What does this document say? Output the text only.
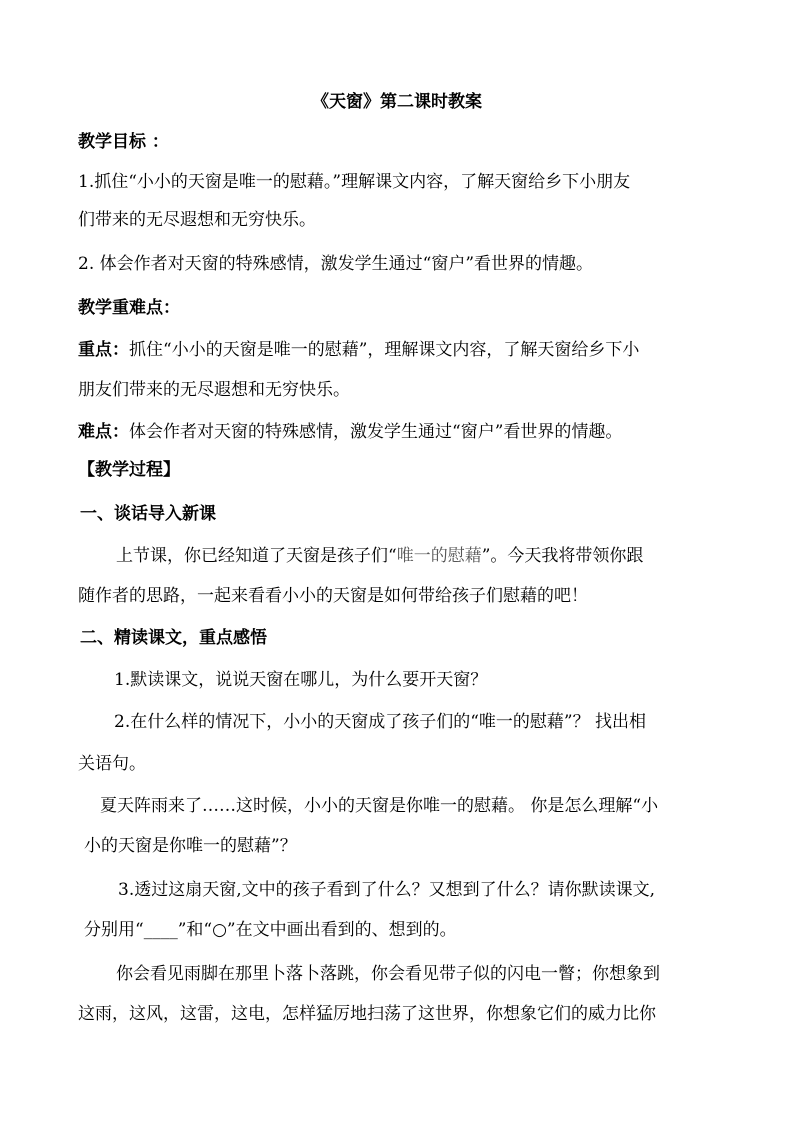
《天窗》第二课时教案
教学目标 ：
1.抓住“小小的天窗是唯一的慰藉。”理解课文内容，了解天窗给乡下小朋友
们带来的无尽遐想和无穷快乐。
2. 体会作者对天窗的特殊感情，激发学生通过“窗户”看世界的情趣。
教学重难点：
重点：抓住“小小的天窗是唯一的慰藉”，理解课文内容，了解天窗给乡下小
朋友们带来的无尽遐想和无穷快乐。
难点：体会作者对天窗的特殊感情，激发学生通过“窗户”看世界的情趣。
【教学过程】
一、谈话导入新课
上节课，你已经知道了天窗是孩子们“唯一的慰藉”。今天我将带领你跟
随作者的思路，一起来看看小小的天窗是如何带给孩子们慰藉的吧！
二、精读课文，重点感悟
1.默读课文，说说天窗在哪儿，为什么要开天窗？
2.在什么样的情况下，小小的天窗成了孩子们的“唯一的慰藉”？ 找出相
关语句。
夏天阵雨来了……这时候，小小的天窗是你唯一的慰藉。 你是怎么理解“小
小的天窗是你唯一的慰藉”？
3.透过这扇天窗,文中的孩子看到了什么？又想到了什么？请你默读课文,
分别用“____”和“○”在文中画出看到的、想到的。
你会看见雨脚在那里卜落卜落跳，你会看见带子似的闪电一瞥；你想象到
这雨，这风，这雷，这电，怎样猛厉地扫荡了这世界，你想象它们的威力比你
